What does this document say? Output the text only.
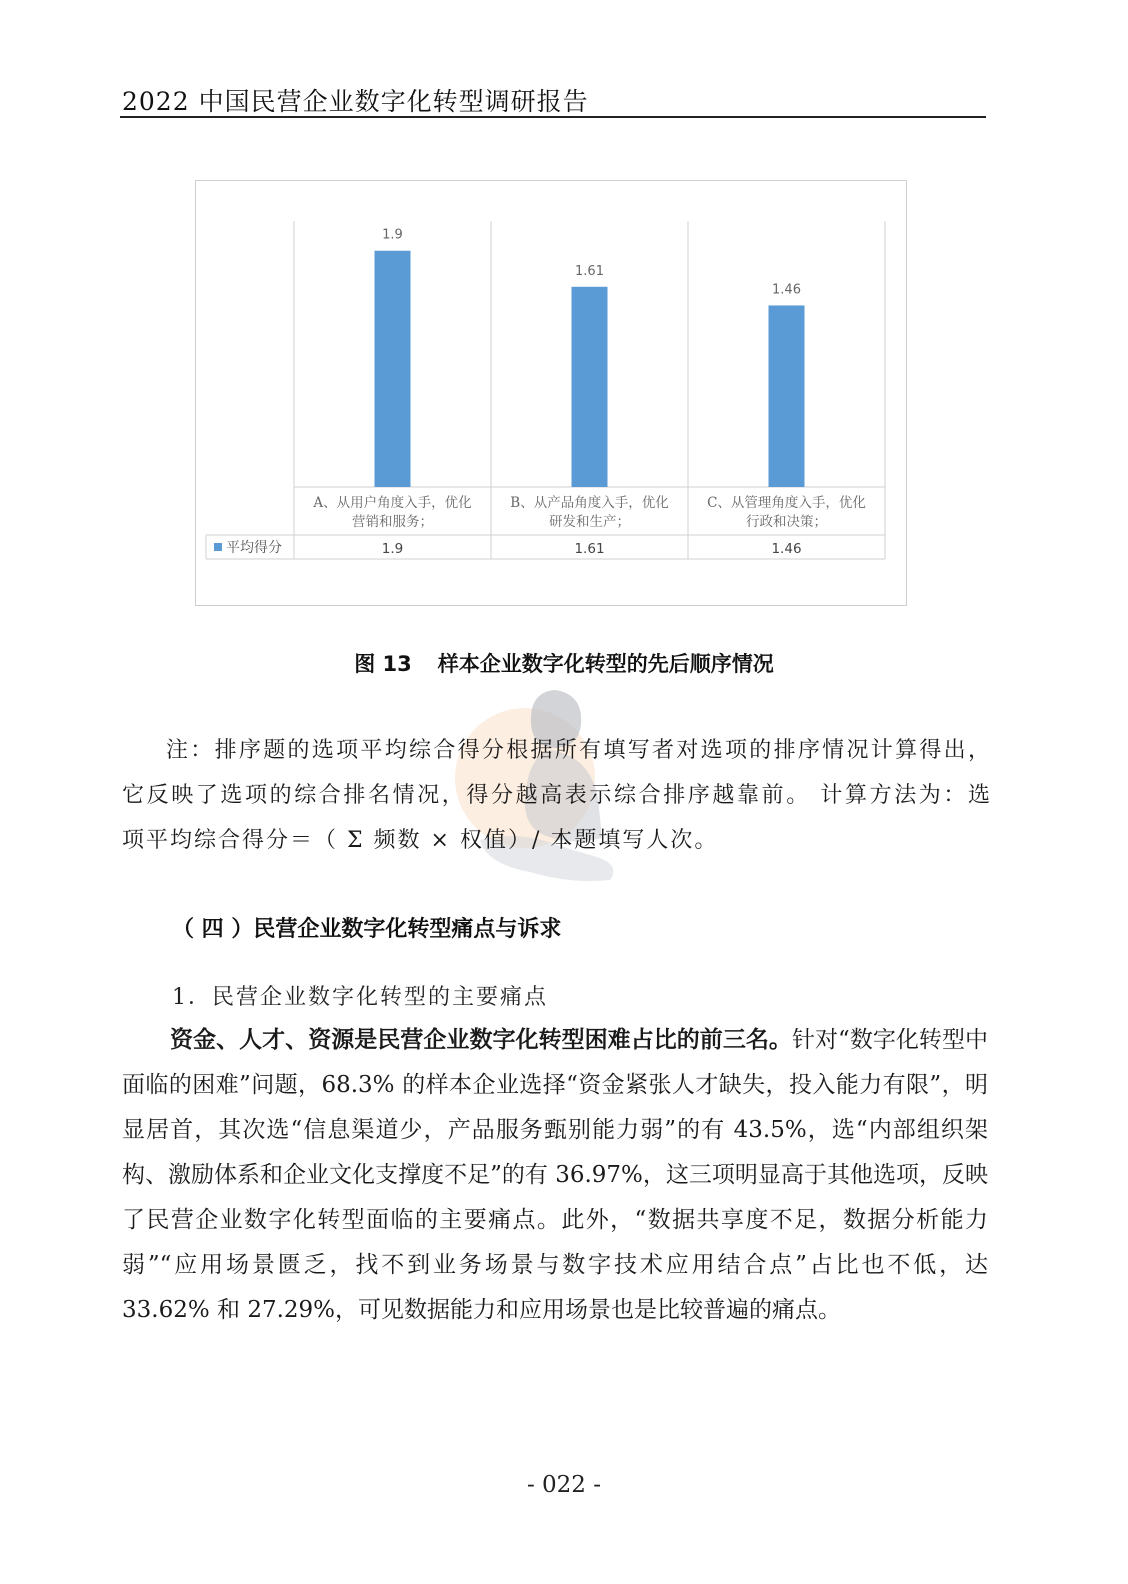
2022 中国民营企业数字化转型调研报告
平均得分
1.9
A、从用户角度入手，优化
营销和服务；
1.9
1.61
B、从产品角度入手，优化
研发和生产；
1.61
1.46
C、从管理角度入手，优化
行政和决策；
1.46
图 13 样本企业数字化转型的先后顺序情况

注：排序题的选项平均综合得分根据所有填写者对选项的排序情况计算得出，它反映了选项的综合排名情况，得分越高表示综合排序越靠前。 计算方法为：选项平均综合得分＝（ Σ 频数 × 权值）/ 本题填写人次。

（ 四 ）民营企业数字化转型痛点与诉求
1．民营企业数字化转型的主要痛点

资金、人才、资源是民营企业数字化转型困难占比的前三名。针对“数字化转型中面临的困难”问题，68.3% 的样本企业选择“资金紧张人才缺失，投入能力有限”，明显居首，其次选“信息渠道少，产品服务甄别能力弱”的有 43.5%，选“内部组织架构、激励体系和企业文化支撑度不足”的有 36.97%，这三项明显高于其他选项，反映了民营企业数字化转型面临的主要痛点。此外，“数据共享度不足，数据分析能力弱”“应用场景匮乏，找不到业务场景与数字技术应用结合点”占比也不低，达 33.62% 和 27.29%，可见数据能力和应用场景也是比较普遍的痛点。

- 022 -
